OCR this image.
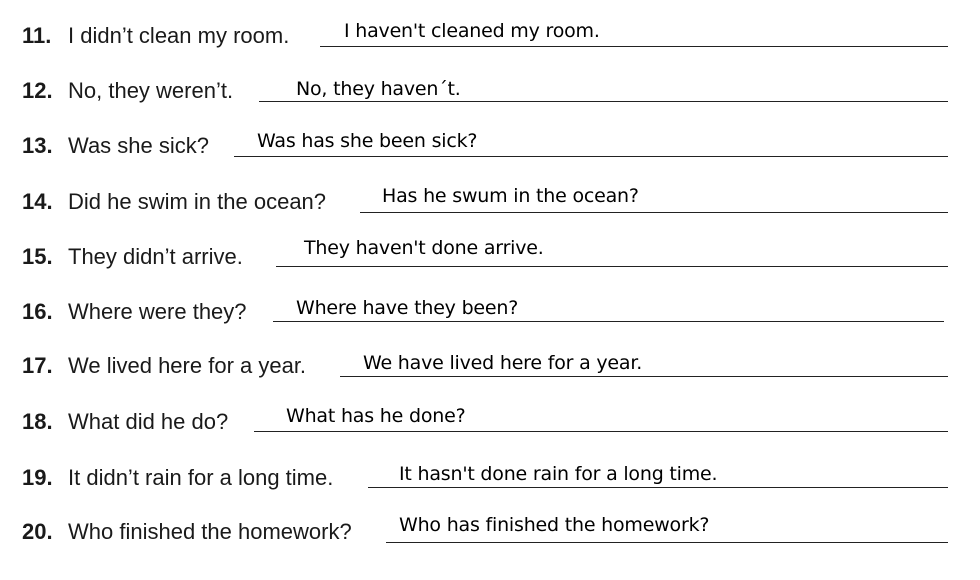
11. I didn’t clean my room.	I haven't cleaned my room.
12. No, they weren’t.	No, they haven´t.
13. Was she sick?	Was has she been sick?
14. Did he swim in the ocean?	Has he swum in the ocean?
15. They didn’t arrive.	They haven't done arrive.
16. Where were they?	Where have they been?
17. We lived here for a year.	We have lived here for a year.
18. What did he do?	What has he done?
19. It didn’t rain for a long time.	It hasn't done rain for a long time.
20. Who finished the homework? Who has finished the homework?
